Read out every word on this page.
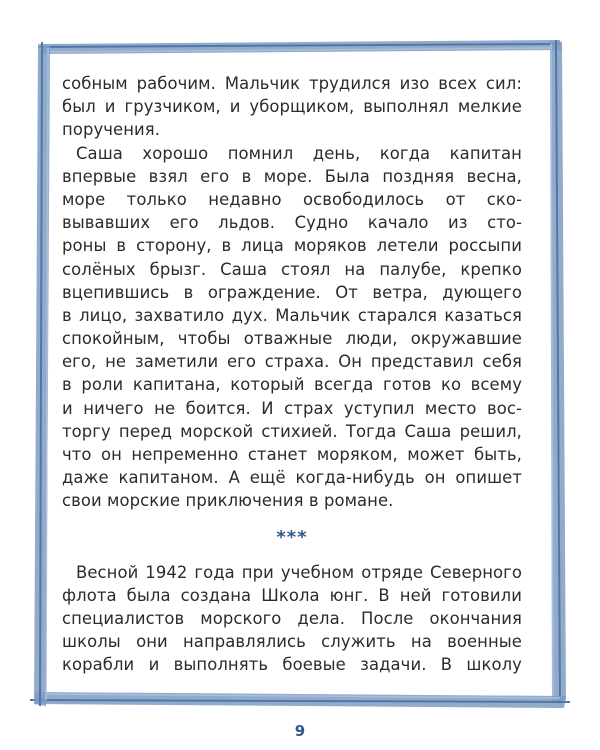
собным рабочим. Мальчик трудился изо всех сил:
был и грузчиком, и уборщиком, выполнял мелкие
поручения.
Саша хорошо помнил день, когда капитан
впервые взял его в море. Была поздняя весна,
море только недавно освободилось от ско-
вывавших его льдов. Судно качало из сто-
роны в сторону, в лица моряков летели россыпи
солёных брызг. Саша стоял на палубе, крепко
вцепившись в ограждение. От ветра, дующего
в лицо, захватило дух. Мальчик старался казаться
спокойным, чтобы отважные люди, окружавшие
его, не заметили его страха. Он представил себя
в роли капитана, который всегда готов ко всему
и ничего не боится. И страх уступил место вос-
торгу перед морской стихией. Тогда Саша решил,
что он непременно станет моряком, может быть,
даже капитаном. А ещё когда-нибудь он опишет
свои морские приключения в романе.
***
Весной 1942 года при учебном отряде Северного
флота была создана Школа юнг. В ней готовили
специалистов морского дела. После окончания
школы они направлялись служить на военные
корабли и выполнять боевые задачи. В школу
9
